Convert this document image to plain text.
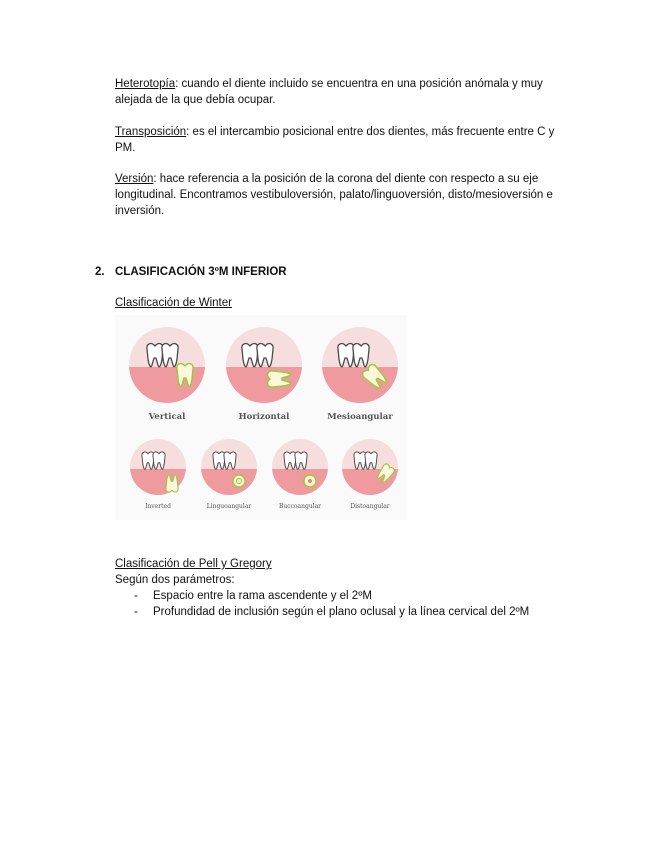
Heterotopía: cuando el diente incluido se encuentra en una posición anómala y muy alejada de la que debía ocupar.

Transposición: es el intercambio posicional entre dos dientes, más frecuente entre C y PM.

Versión: hace referencia a la posición de la corona del diente con respecto a su eje longitudinal. Encontramos vestibuloversión, palato/linguoversión, disto/mesioversión e inversión.

2. CLASIFICACIÓN 3ºM INFERIOR

Clasificación de Winter

Vertical	Horizontal	Mesioangular
Inverted	Linguoangular	Buccoangular	Distoangular

Clasificación de Pell y Gregory

Según dos parámetros:

- Espacio entre la rama ascendente y el 2ºM
- Profundidad de inclusión según el plano oclusal y la línea cervical del 2ºM
